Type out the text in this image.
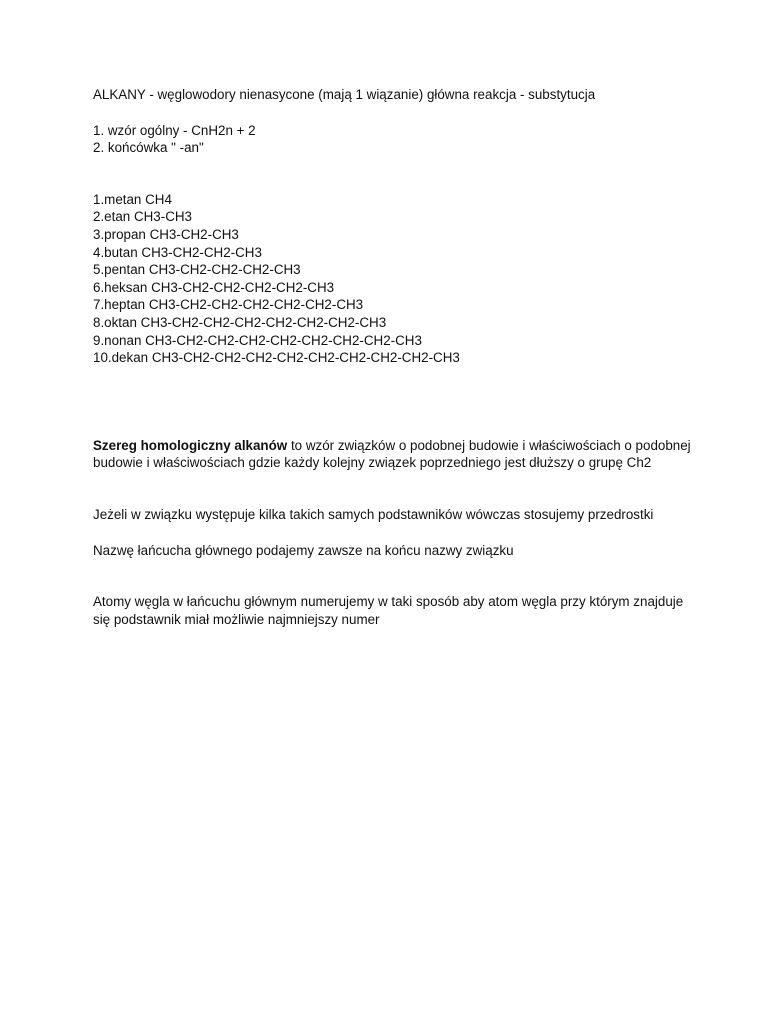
ALKANY - węglowodory nienasycone (mają 1 wiązanie) główna reakcja - substytucja

1. wzór ogólny - CnH2n + 2

2. końcówka " -an"

1.metan CH4
2.etan CH3-CH3
3.propan CH3-CH2-CH3
4.butan CH3-CH2-CH2-CH3
5.pentan CH3-CH2-CH2-CH2-CH3
6.heksan CH3-CH2-CH2-CH2-CH2-CH3
7.heptan CH3-CH2-CH2-CH2-CH2-CH2-CH3
8.oktan CH3-CH2-CH2-CH2-CH2-CH2-CH2-CH3
9.nonan CH3-CH2-CH2-CH2-CH2-CH2-CH2-CH2-CH3
10.dekan CH3-CH2-CH2-CH2-CH2-CH2-CH2-CH2-CH2-CH3

Szereg homologiczny alkanów to wzór związków o podobnej budowie i właściwościach o podobnej budowie i właściwościach gdzie każdy kolejny związek poprzedniego jest dłuższy o grupę Ch2

Jeżeli w związku występuje kilka takich samych podstawników wówczas stosujemy przedrostki

Nazwę łańcucha głównego podajemy zawsze na końcu nazwy związku

Atomy węgla w łańcuchu głównym numerujemy w taki sposób aby atom węgla przy którym znajduje się podstawnik miał możliwie najmniejszy numer
